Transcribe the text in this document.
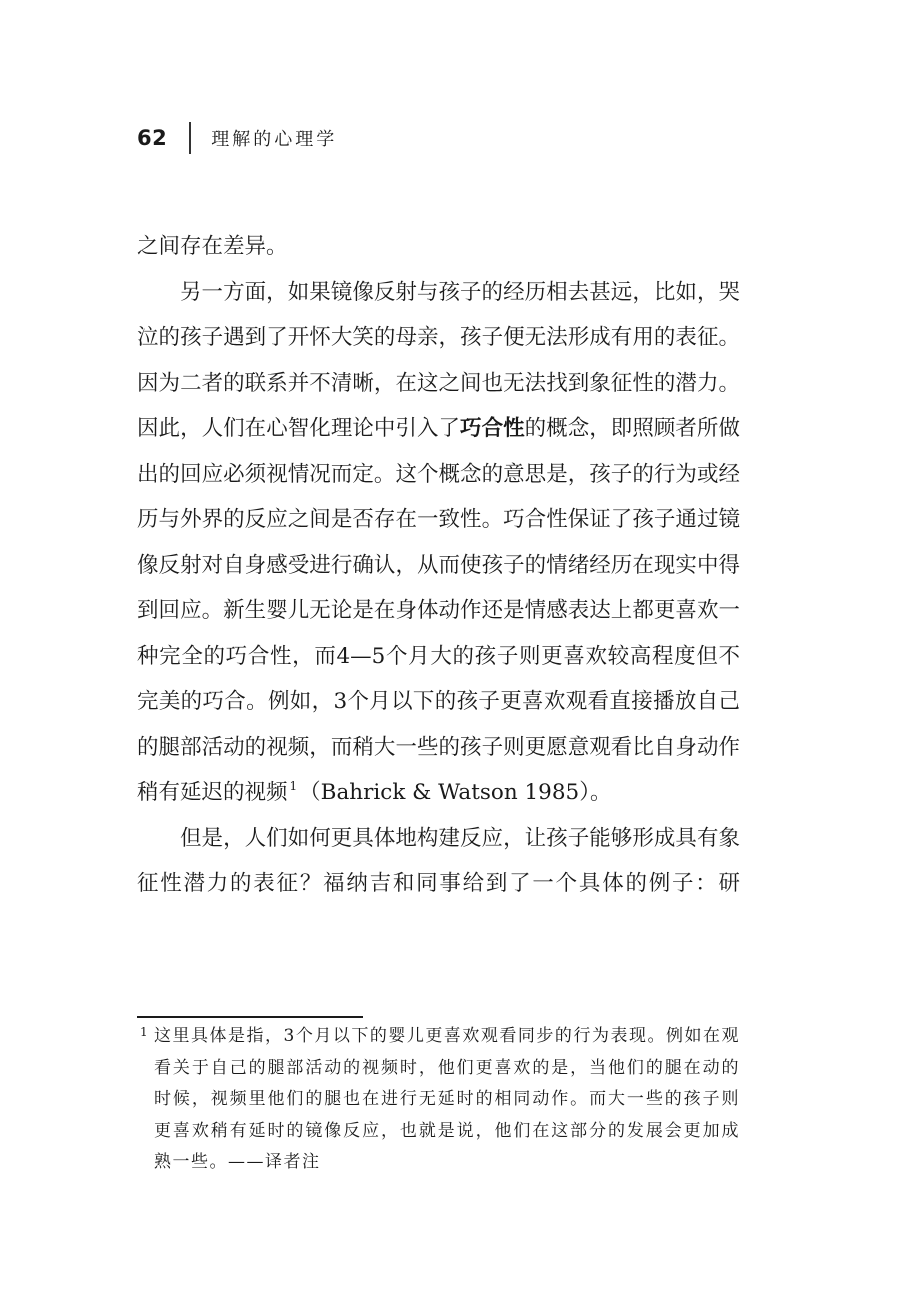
62 理解的心理学

之间存在差异。

另一方面，如果镜像反射与孩子的经历相去甚远，比如，哭泣的孩子遇到了开怀大笑的母亲，孩子便无法形成有用的表征。因为二者的联系并不清晰，在这之间也无法找到象征性的潜力。因此，人们在心智化理论中引入了巧合性的概念，即照顾者所做出的回应必须视情况而定。这个概念的意思是，孩子的行为或经历与外界的反应之间是否存在一致性。巧合性保证了孩子通过镜像反射对自身感受进行确认，从而使孩子的情绪经历在现实中得到回应。新生婴儿无论是在身体动作还是情感表达上都更喜欢一种完全的巧合性，而4—5个月大的孩子则更喜欢较高程度但不完美的巧合。例如，3个月以下的孩子更喜欢观看直接播放自己的腿部活动的视频，而稍大一些的孩子则更愿意观看比自身动作稍有延迟的视频 $^1$（Bahrick & Watson 1985）。

但是，人们如何更具体地构建反应，让孩子能够形成具有象征性潜力的表征？福纳吉和同事给到了一个具体的例子：研

1 这里具体是指，3个月以下的婴儿更喜欢观看同步的行为表现。例如在观看关于自己的腿部活动的视频时，他们更喜欢的是，当他们的腿在动的时候，视频里他们的腿也在进行无延时的相同动作。而大一些的孩子则更喜欢稍有延时的镜像反应，也就是说，他们在这部分的发展会更加成熟一些。——译者注
